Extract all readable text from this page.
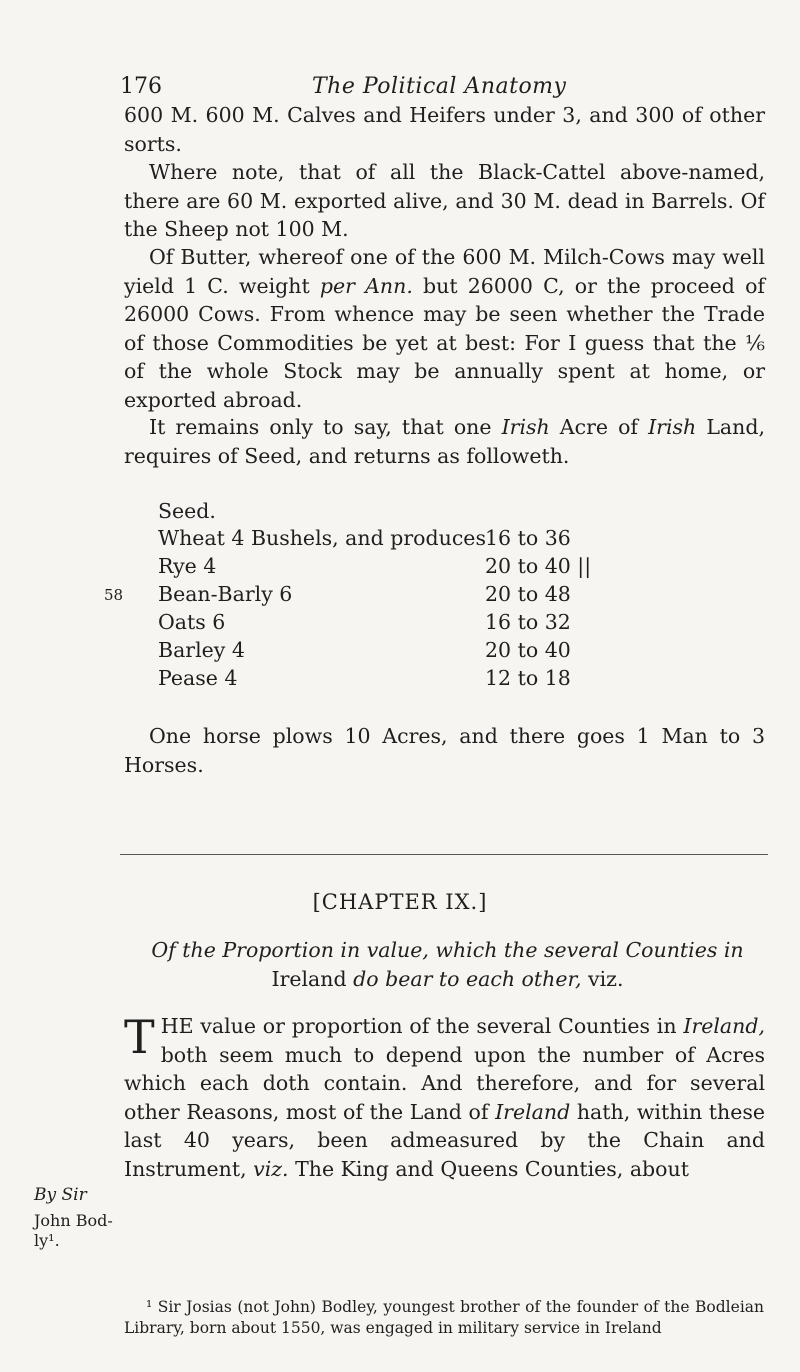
176	The Political Anatomy
600 M. 600 M. Calves and Heifers under 3, and 300 of other sorts.
Where note, that of all the Black-Cattel above-named, there are 60 M. exported alive, and 30 M. dead in Barrels. Of the Sheep not 100 M.
Of Butter, whereof one of the 600 M. Milch-Cows may well yield 1 C. weight per Ann. but 26000 C, or the proceed of 26000 Cows. From whence may be seen whether the Trade of those Commodities be yet at best: For I guess that the ⅙ of the whole Stock may be annually spent at home, or exported abroad.
It remains only to say, that one Irish Acre of Irish Land, requires of Seed, and returns as followeth.
Seed.
Wheat 4 Bushels, and produces 16 to 36
Rye 4	20 to 40 ||
Bean-Barly 6	20 to 48
Oats 6	16 to 32
Barley 4	20 to 40
Pease 4	12 to 18
58
One horse plows 10 Acres, and there goes 1 Man to 3 Horses.
[CHAPTER IX.]
Of the Proportion in value, which the several Counties in Ireland do bear to each other, viz.
THE value or proportion of the several Counties in Ireland, both seem much to depend upon the number of Acres which each doth contain. And therefore, and for several other Reasons, most of the Land of Ireland hath, within these last 40 years, been admeasured by the Chain and Instrument, viz. The King and Queens Counties, about
By Sir
John Bod-
ly¹.
¹ Sir Josias (not John) Bodley, youngest brother of the founder of the Bodleian Library, born about 1550, was engaged in military service in Ireland
